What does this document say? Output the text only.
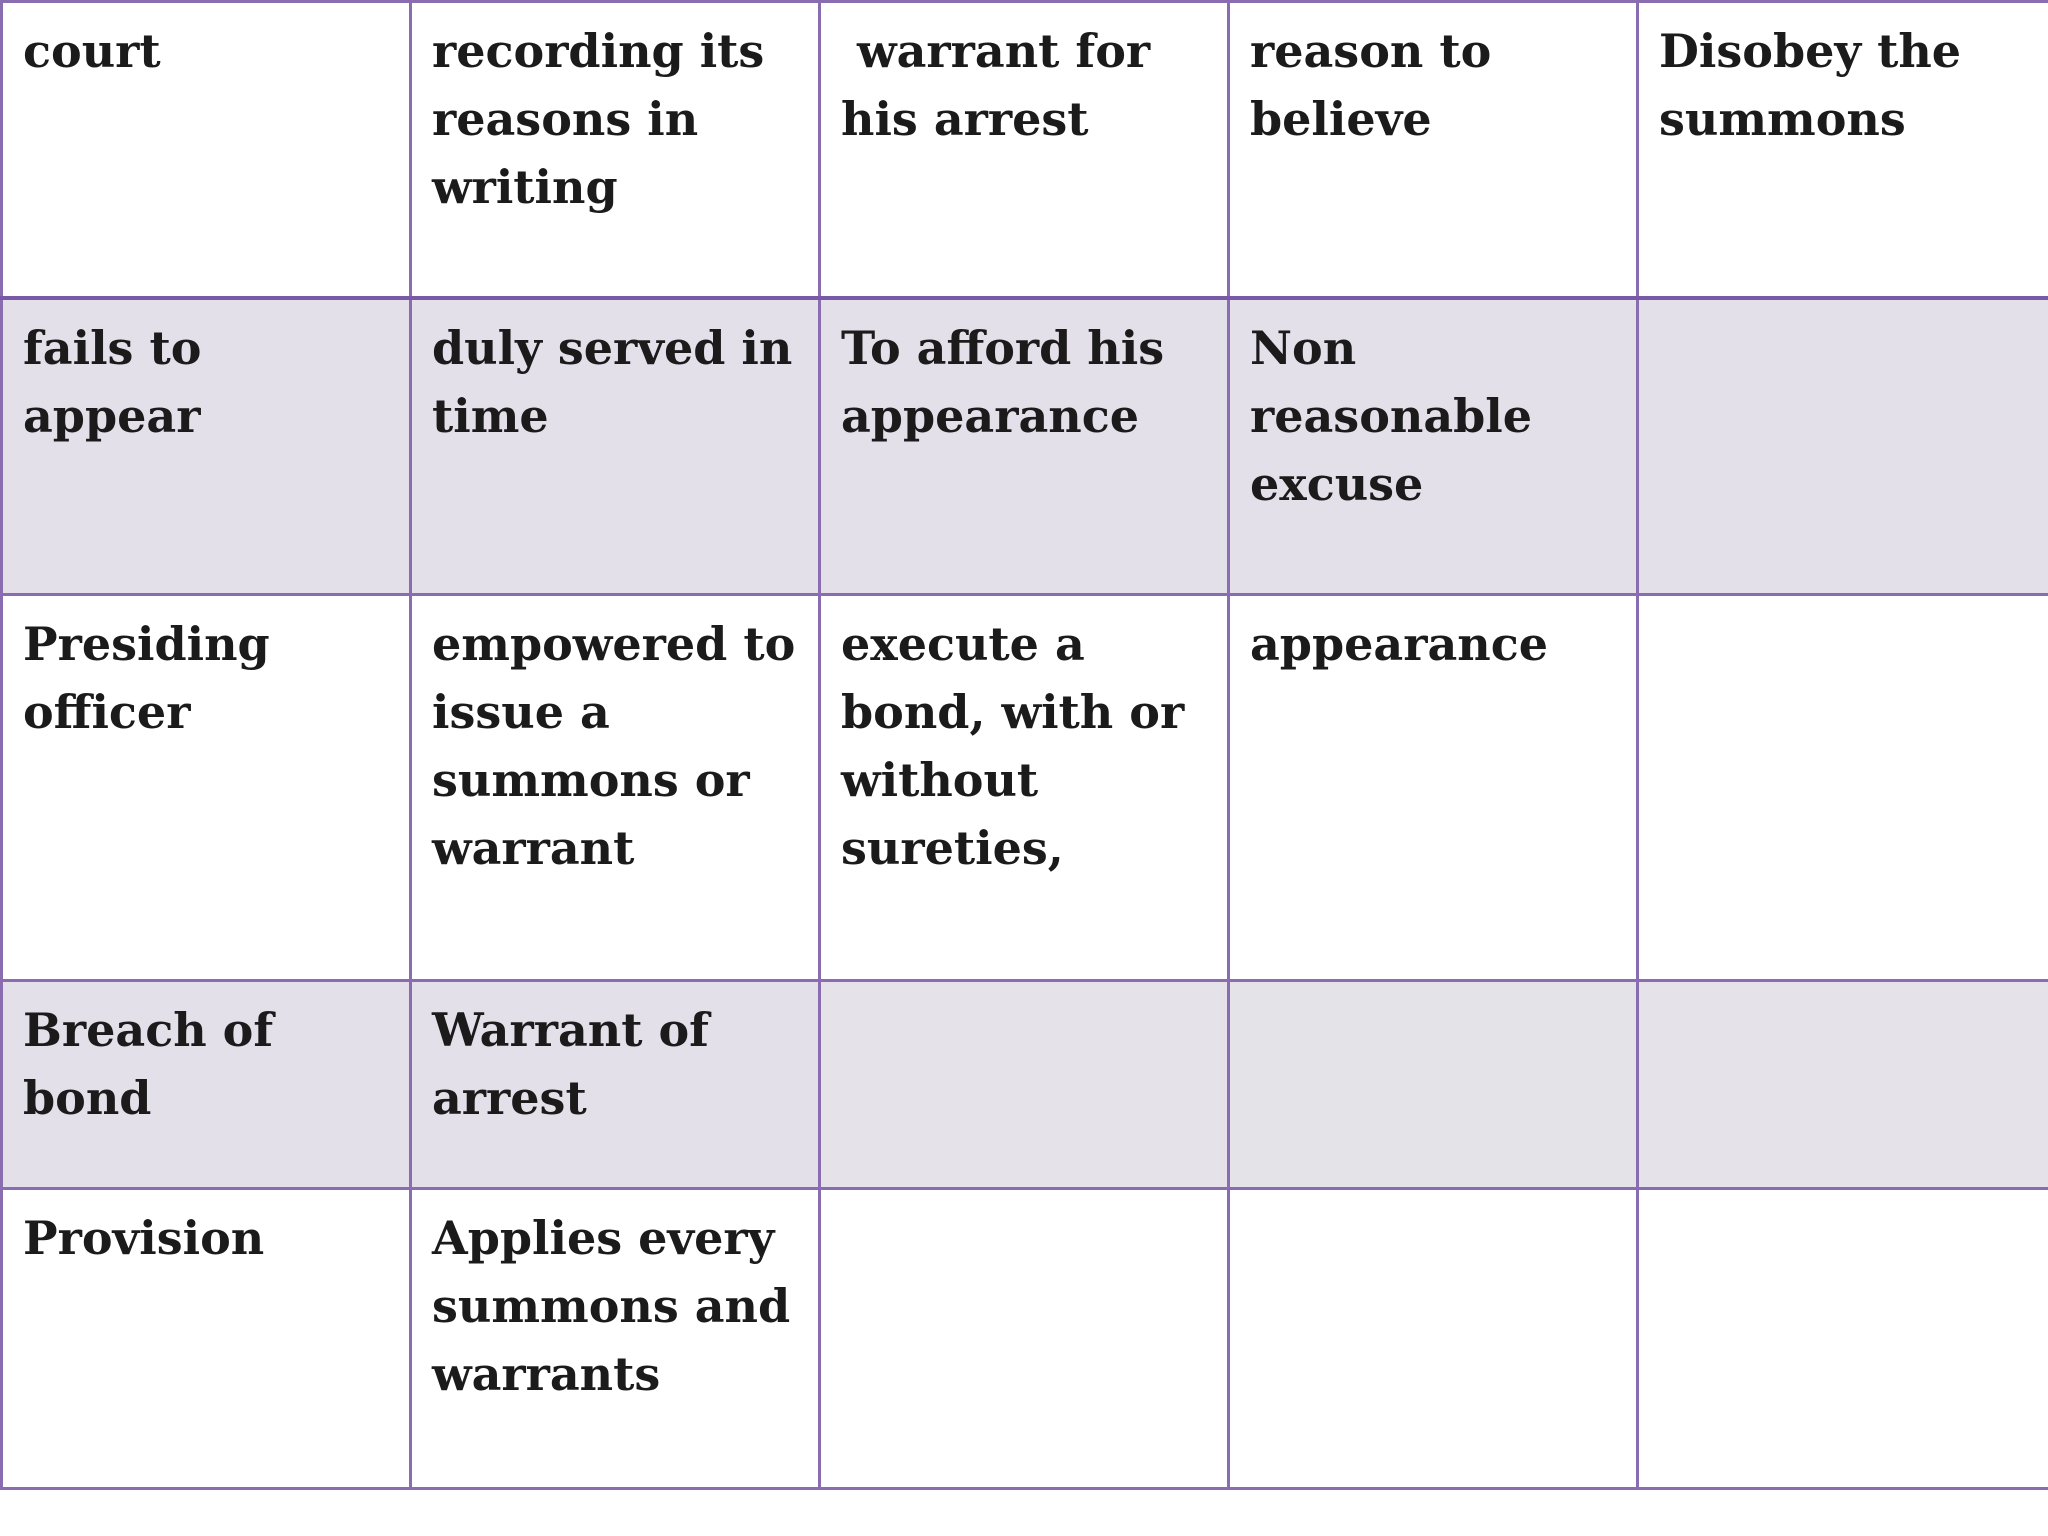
court	recording its reasons in writing	warrant for his arrest	reason to believe	Disobey the summons
fails to appear	duly served in time	To afford his appearance	Non reasonable excuse	
Presiding officer	empowered to issue a summons or warrant	execute a bond, with or without sureties,	appearance	
Breach of bond	Warrant of arrest			
Provision	Applies every summons and warrants			
